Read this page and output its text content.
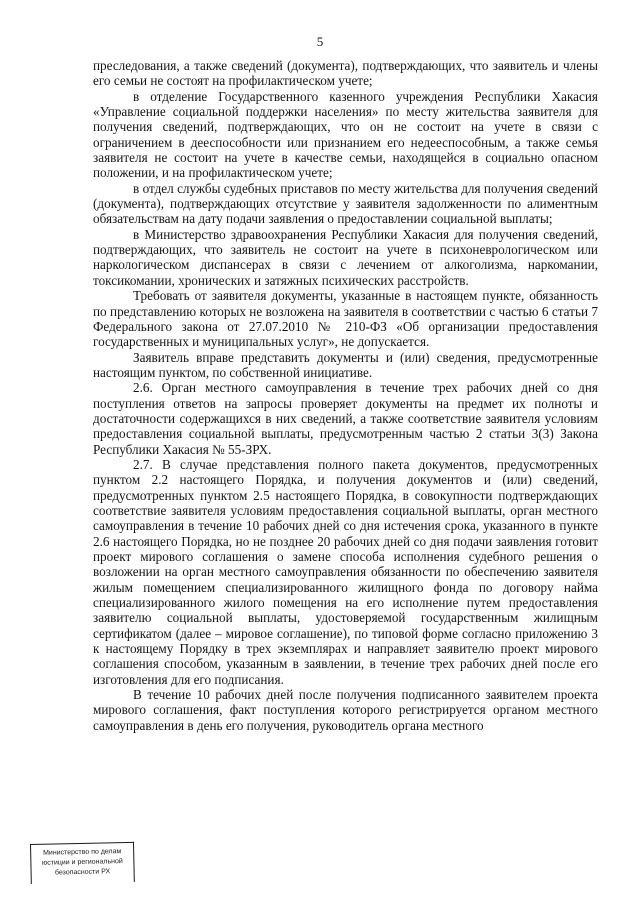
5

преследования, а также сведений (документа), подтверждающих, что заявитель и члены его семьи не состоят на профилактическом учете;

в отделение Государственного казенного учреждения Республики Хакасия «Управление социальной поддержки населения» по месту жительства заявителя для получения сведений, подтверждающих, что он не состоит на учете в связи с ограничением в дееспособности или признанием его недееспособным, а также семья заявителя не состоит на учете в качестве семьи, находящейся в социально опасном положении, и на профилактическом учете;

в отдел службы судебных приставов по месту жительства для получения сведений (документа), подтверждающих отсутствие у заявителя задолженности по алиментным обязательствам на дату подачи заявления о предоставлении социальной выплаты;

в Министерство здравоохранения Республики Хакасия для получения сведений, подтверждающих, что заявитель не состоит на учете в психоневрологическом или наркологическом диспансерах в связи с лечением от алкоголизма, наркомании, токсикомании, хронических и затяжных психических расстройств.

Требовать от заявителя документы, указанные в настоящем пункте, обязанность по представлению которых не возложена на заявителя в соответствии с частью 6 статьи 7 Федерального закона от 27.07.2010 № 210-ФЗ «Об организации предоставления государственных и муниципальных услуг», не допускается.

Заявитель вправе представить документы и (или) сведения, предусмотренные настоящим пунктом, по собственной инициативе.

2.6. Орган местного самоуправления в течение трех рабочих дней со дня поступления ответов на запросы проверяет документы на предмет их полноты и достаточности содержащихся в них сведений, а также соответствие заявителя условиям предоставления социальной выплаты, предусмотренным частью 2 статьи 3(3) Закона Республики Хакасия № 55-ЗРХ.

2.7. В случае представления полного пакета документов, предусмотренных пунктом 2.2 настоящего Порядка, и получения документов и (или) сведений, предусмотренных пунктом 2.5 настоящего Порядка, в совокупности подтверждающих соответствие заявителя условиям предоставления социальной выплаты, орган местного самоуправления в течение 10 рабочих дней со дня истечения срока, указанного в пункте 2.6 настоящего Порядка, но не позднее 20 рабочих дней со дня подачи заявления готовит проект мирового соглашения о замене способа исполнения судебного решения о возложении на орган местного самоуправления обязанности по обеспечению заявителя жилым помещением специализированного жилищного фонда по договору найма специализированного жилого помещения на его исполнение путем предоставления заявителю социальной выплаты, удостоверяемой государственным жилищным сертификатом (далее – мировое соглашение), по типовой форме согласно приложению 3 к настоящему Порядку в трех экземплярах и направляет заявителю проект мирового соглашения способом, указанным в заявлении, в течение трех рабочих дней после его изготовления для его подписания.

В течение 10 рабочих дней после получения подписанного заявителем проекта мирового соглашения, факт поступления которого регистрируется органом местного самоуправления в день его получения, руководитель органа местного

Министерство по делам
юстиции и региональной
безопасности РХ
